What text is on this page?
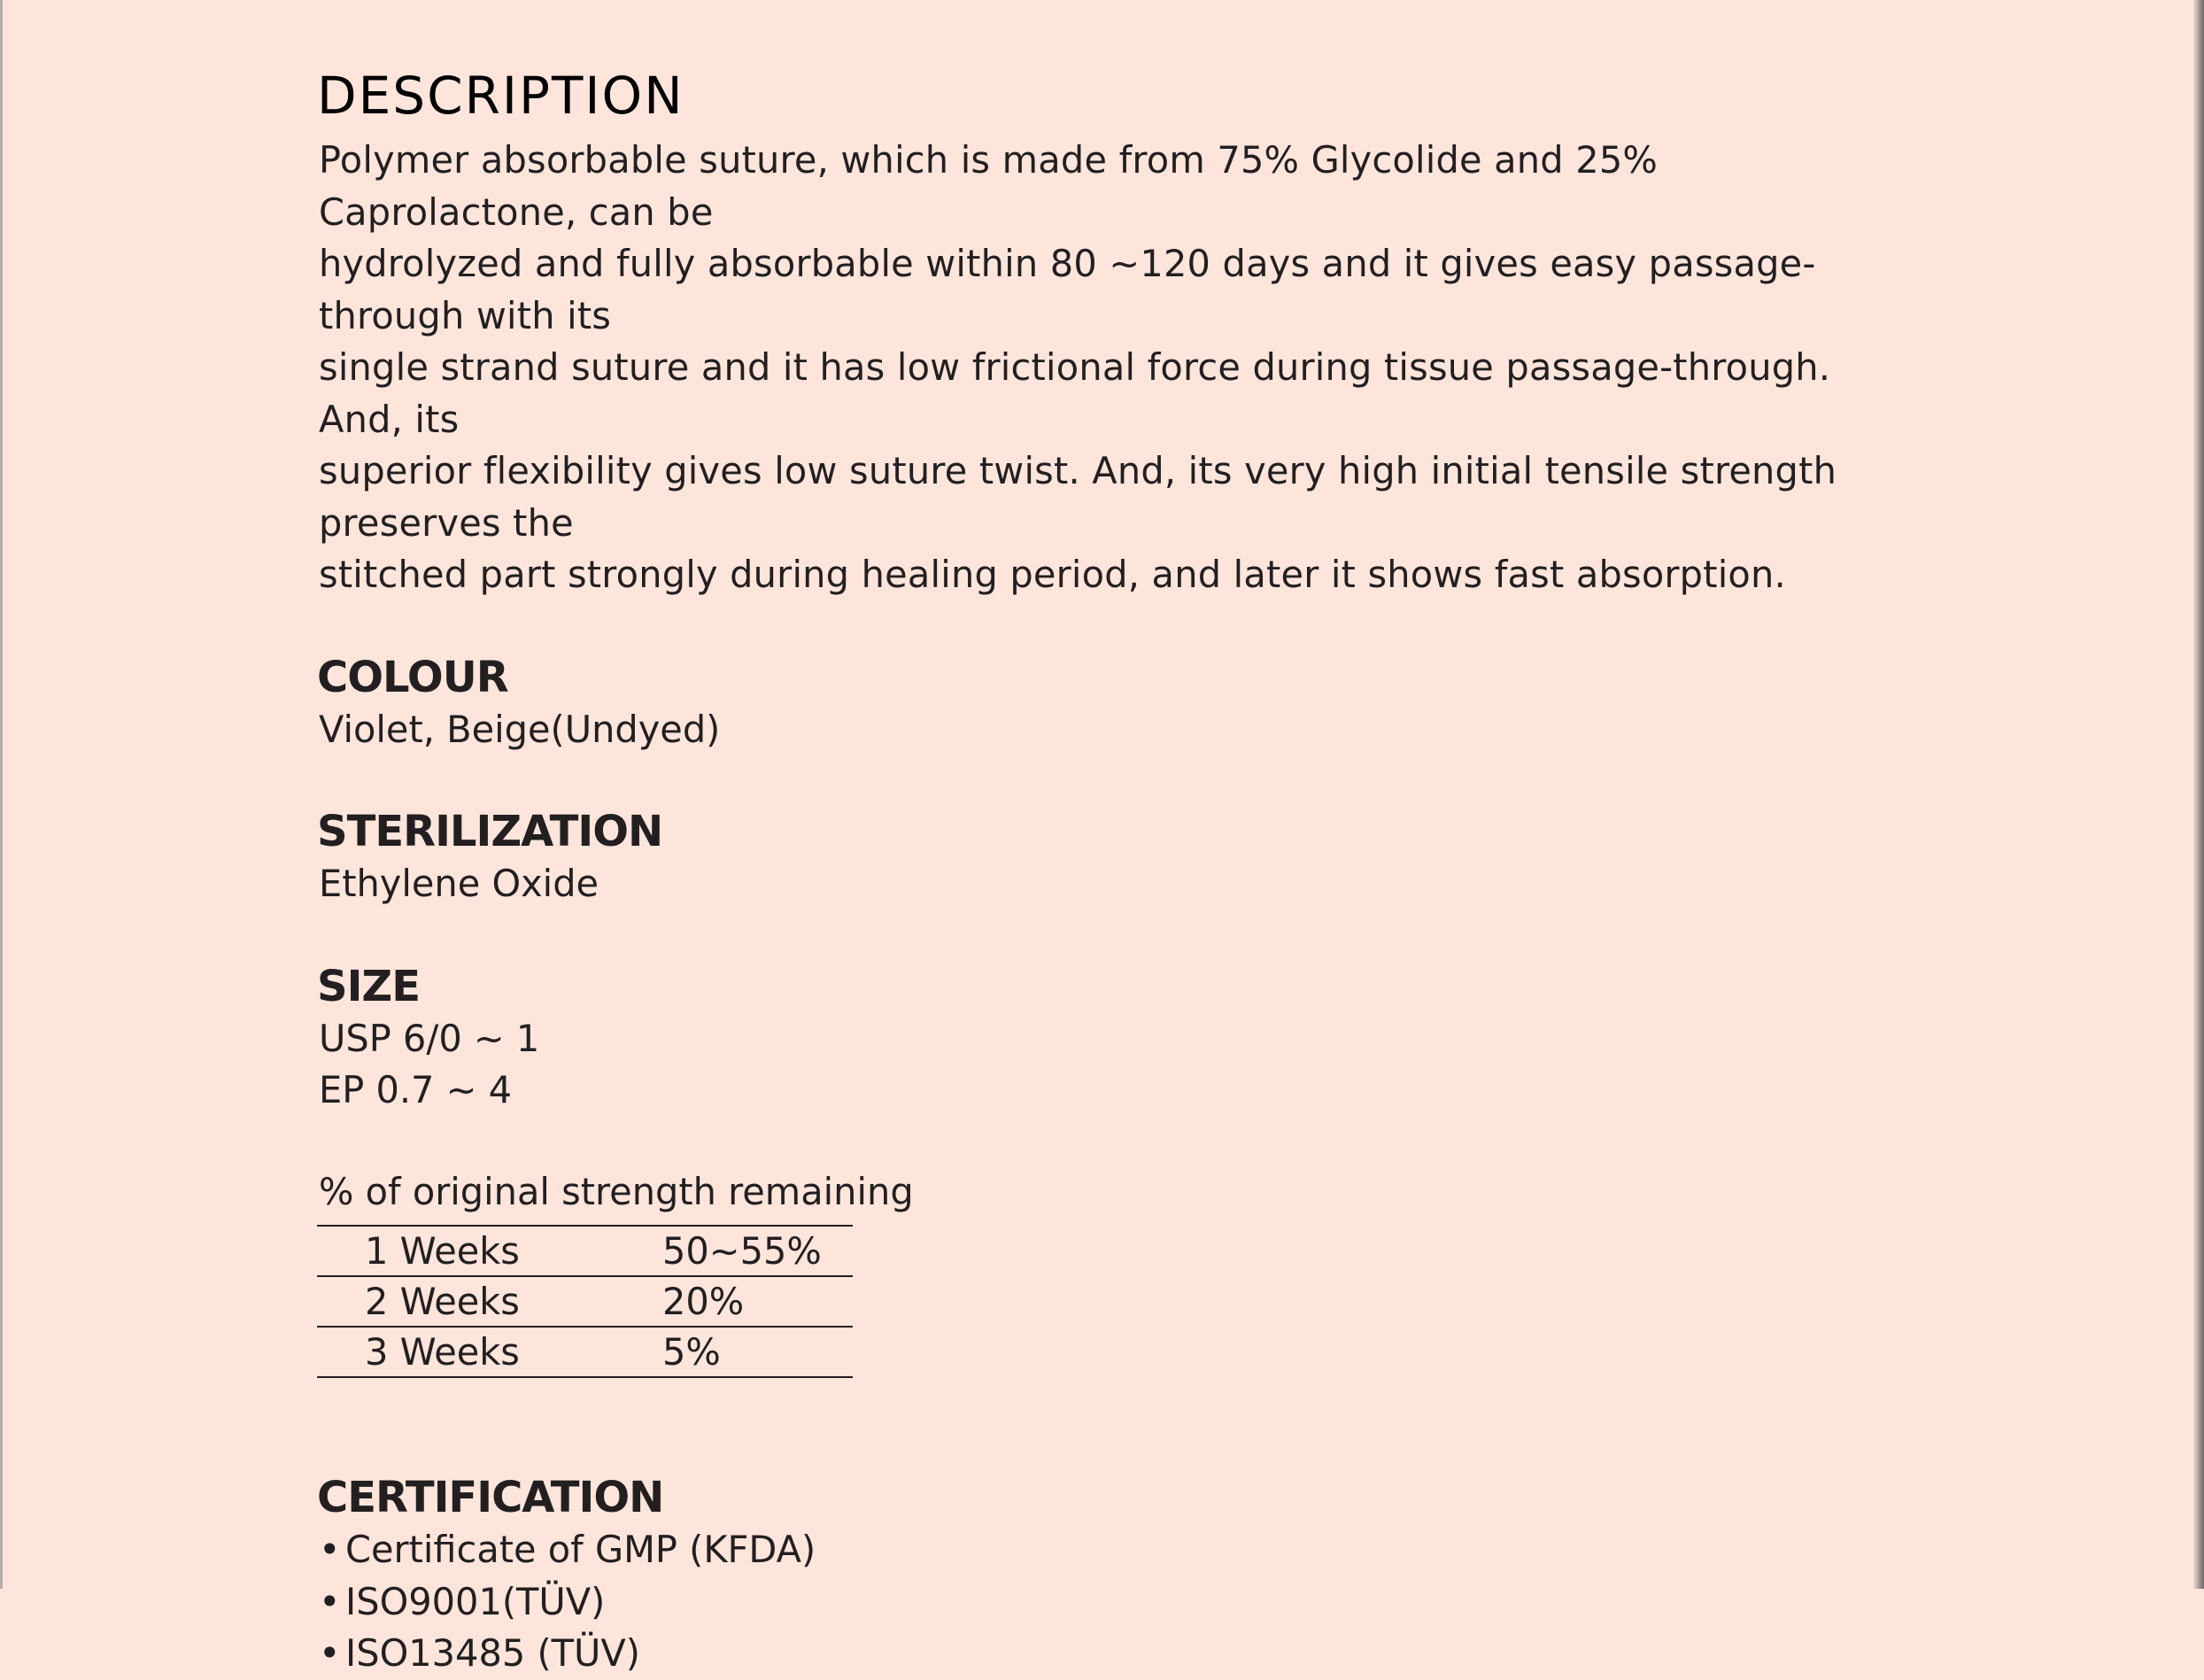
DESCRIPTION
Polymer absorbable suture, which is made from 75% Glycolide and 25% Caprolactone, can be
hydrolyzed and fully absorbable within 80 ~120 days and it gives easy passage-through with its
single strand suture and it has low frictional force during tissue passage-through. And, its
superior flexibility gives low suture twist. And, its very high initial tensile strength preserves the
stitched part strongly during healing period, and later it shows fast absorption.
COLOUR
Violet, Beige(Undyed)
STERILIZATION
Ethylene Oxide
SIZE
USP 6/0 ~ 1
EP 0.7 ~ 4
% of original strength remaining
1 Weeks	50~55%
2 Weeks	20%
3 Weeks	5%
CERTIFICATION
• Certificate of GMP (KFDA)
• ISO9001(TÜV)
• ISO13485 (TÜV)
